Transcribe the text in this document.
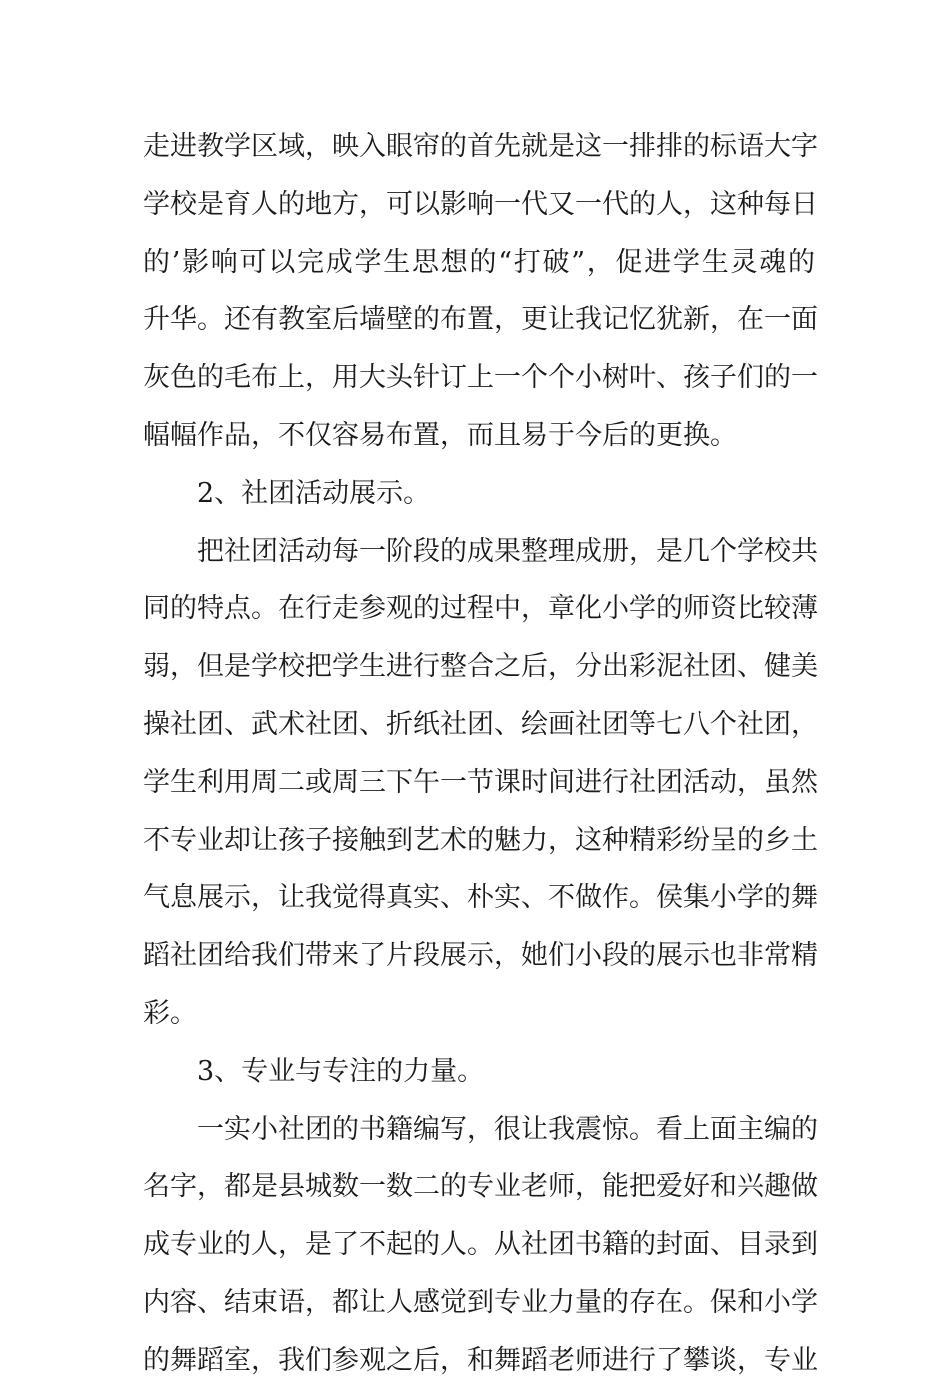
走进教学区域，映入眼帘的首先就是这一排排的标语大字
学校是育人的地方，可以影响一代又一代的人，这种每日
的’影响可以完成学生思想的“打破”，促进学生灵魂的
升华。还有教室后墙壁的布置，更让我记忆犹新，在一面
灰色的毛布上，用大头针订上一个个小树叶、孩子们的一
幅幅作品，不仅容易布置，而且易于今后的更换。
2、社团活动展示。
把社团活动每一阶段的成果整理成册，是几个学校共
同的特点。在行走参观的过程中，章化小学的师资比较薄
弱，但是学校把学生进行整合之后，分出彩泥社团、健美
操社团、武术社团、折纸社团、绘画社团等七八个社团，
学生利用周二或周三下午一节课时间进行社团活动，虽然
不专业却让孩子接触到艺术的魅力，这种精彩纷呈的乡土
气息展示，让我觉得真实、朴实、不做作。侯集小学的舞
蹈社团给我们带来了片段展示，她们小段的展示也非常精
彩。
3、专业与专注的力量。
一实小社团的书籍编写，很让我震惊。看上面主编的
名字，都是县城数一数二的专业老师，能把爱好和兴趣做
成专业的人，是了不起的人。从社团书籍的封面、目录到
内容、结束语，都让人感觉到专业力量的存在。保和小学
的舞蹈室，我们参观之后，和舞蹈老师进行了攀谈，专业
